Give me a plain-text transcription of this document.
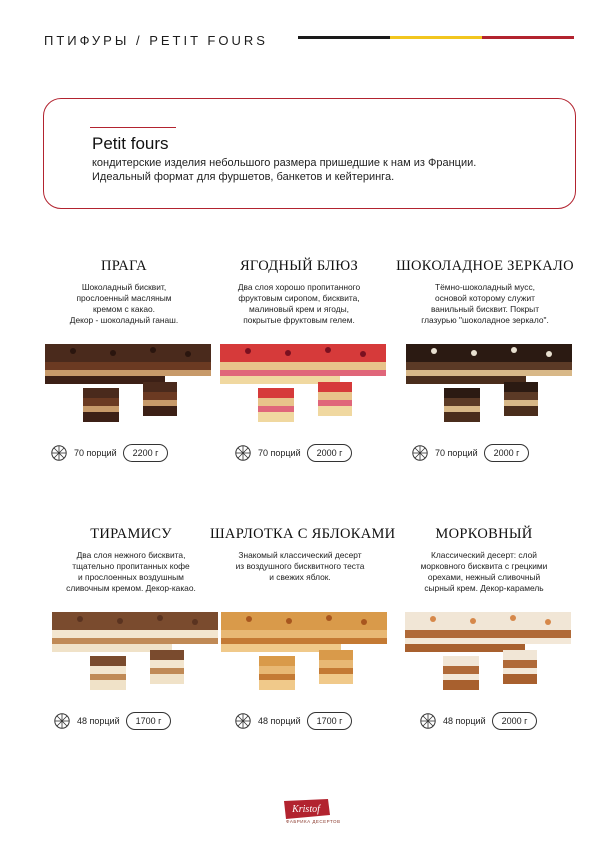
ПТИФУРЫ / PETIT FOURS
Petit fours
кондитерские изделия небольшого размера пришедшие к нам из Франции.
Идеальный формат для фуршетов, банкетов и кейтеринга.
ПРАГА
Шоколадный бисквит,
прослоенный масляным
кремом с какао.
Декор - шоколадный ганаш.
70 порций	2200 г
ЯГОДНЫЙ БЛЮЗ
Два слоя хорошо пропитанного
фруктовым сиропом, бисквита,
малиновый крем и ягоды,
покрытые фруктовым гелем.
70 порций	2000 г
ШОКОЛАДНОЕ ЗЕРКАЛО
Тёмно-шоколадный мусс,
основой которому служит
ванильный бисквит. Покрыт
глазурью "шоколадное зеркало".
70 порций	2000 г
ТИРАМИСУ
Два слоя нежного бисквита,
тщательно пропитанных кофе
и прослоенных воздушным
сливочным кремом. Декор-какао.
48 порций	1700 г
ШАРЛОТКА С ЯБЛОКАМИ
Знакомый классический десерт
из воздушного бисквитного теста
и свежих яблок.
48 порций	1700 г
МОРКОВНЫЙ
Классический десерт: слой
морковного бисквита с грецкими
орехами, нежный сливочный
сырный крем. Декор-карамель
48 порций	2000 г
Kristof
ФАБРИКА ДЕСЕРТОВ
